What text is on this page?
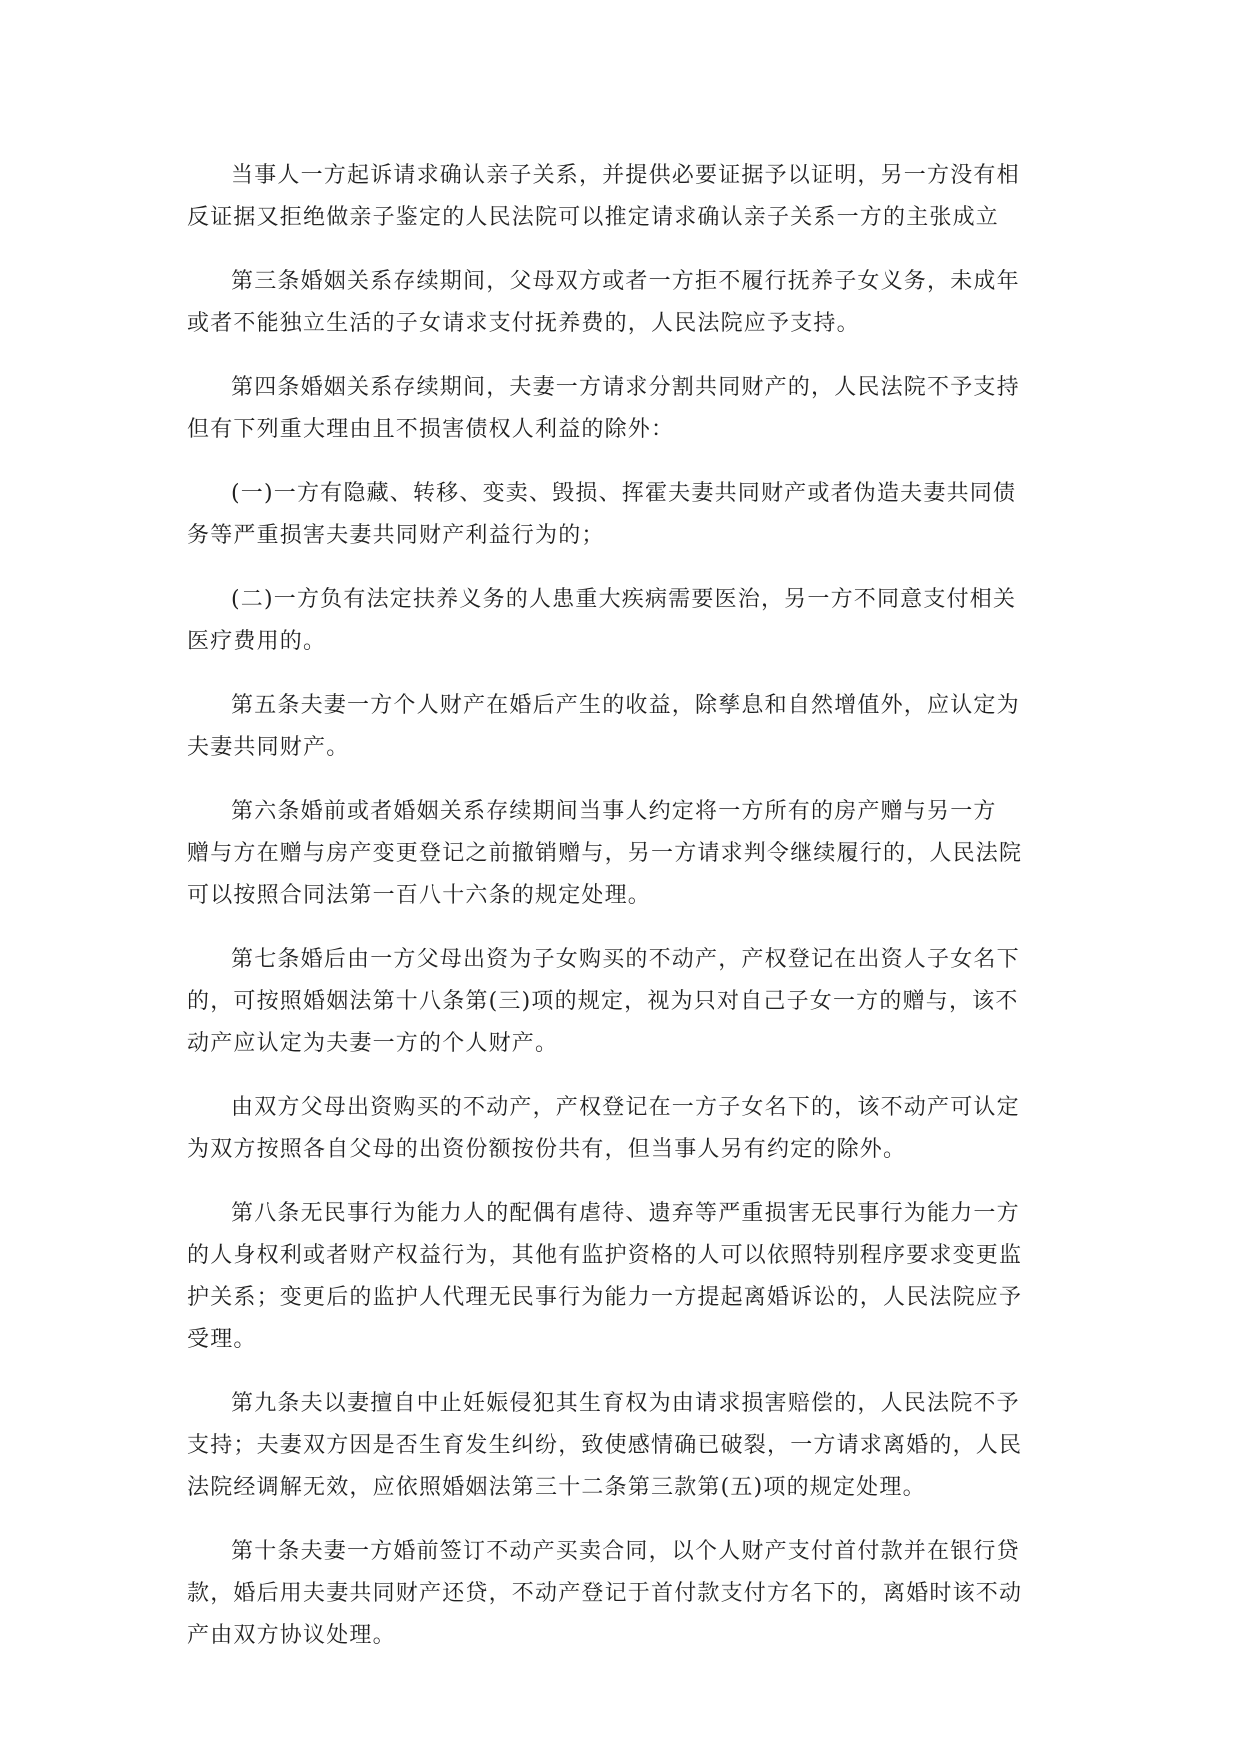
当事人一方起诉请求确认亲子关系，并提供必要证据予以证明，另一方没有相
反证据又拒绝做亲子鉴定的人民法院可以推定请求确认亲子关系一方的主张成立

第三条婚姻关系存续期间，父母双方或者一方拒不履行抚养子女义务，未成年
或者不能独立生活的子女请求支付抚养费的，人民法院应予支持。

第四条婚姻关系存续期间，夫妻一方请求分割共同财产的，人民法院不予支持
但有下列重大理由且不损害债权人利益的除外：

(一)一方有隐藏、转移、变卖、毁损、挥霍夫妻共同财产或者伪造夫妻共同债
务等严重损害夫妻共同财产利益行为的；

(二)一方负有法定扶养义务的人患重大疾病需要医治，另一方不同意支付相关
医疗费用的。

第五条夫妻一方个人财产在婚后产生的收益，除孳息和自然增值外，应认定为
夫妻共同财产。

第六条婚前或者婚姻关系存续期间当事人约定将一方所有的房产赠与另一方
赠与方在赠与房产变更登记之前撤销赠与，另一方请求判令继续履行的，人民法院
可以按照合同法第一百八十六条的规定处理。

第七条婚后由一方父母出资为子女购买的不动产，产权登记在出资人子女名下
的，可按照婚姻法第十八条第(三)项的规定，视为只对自己子女一方的赠与，该不
动产应认定为夫妻一方的个人财产。

由双方父母出资购买的不动产，产权登记在一方子女名下的，该不动产可认定
为双方按照各自父母的出资份额按份共有，但当事人另有约定的除外。

第八条无民事行为能力人的配偶有虐待、遗弃等严重损害无民事行为能力一方
的人身权利或者财产权益行为，其他有监护资格的人可以依照特别程序要求变更监
护关系；变更后的监护人代理无民事行为能力一方提起离婚诉讼的，人民法院应予
受理。

第九条夫以妻擅自中止妊娠侵犯其生育权为由请求损害赔偿的，人民法院不予
支持；夫妻双方因是否生育发生纠纷，致使感情确已破裂，一方请求离婚的，人民
法院经调解无效，应依照婚姻法第三十二条第三款第(五)项的规定处理。

第十条夫妻一方婚前签订不动产买卖合同，以个人财产支付首付款并在银行贷
款，婚后用夫妻共同财产还贷，不动产登记于首付款支付方名下的，离婚时该不动
产由双方协议处理。
